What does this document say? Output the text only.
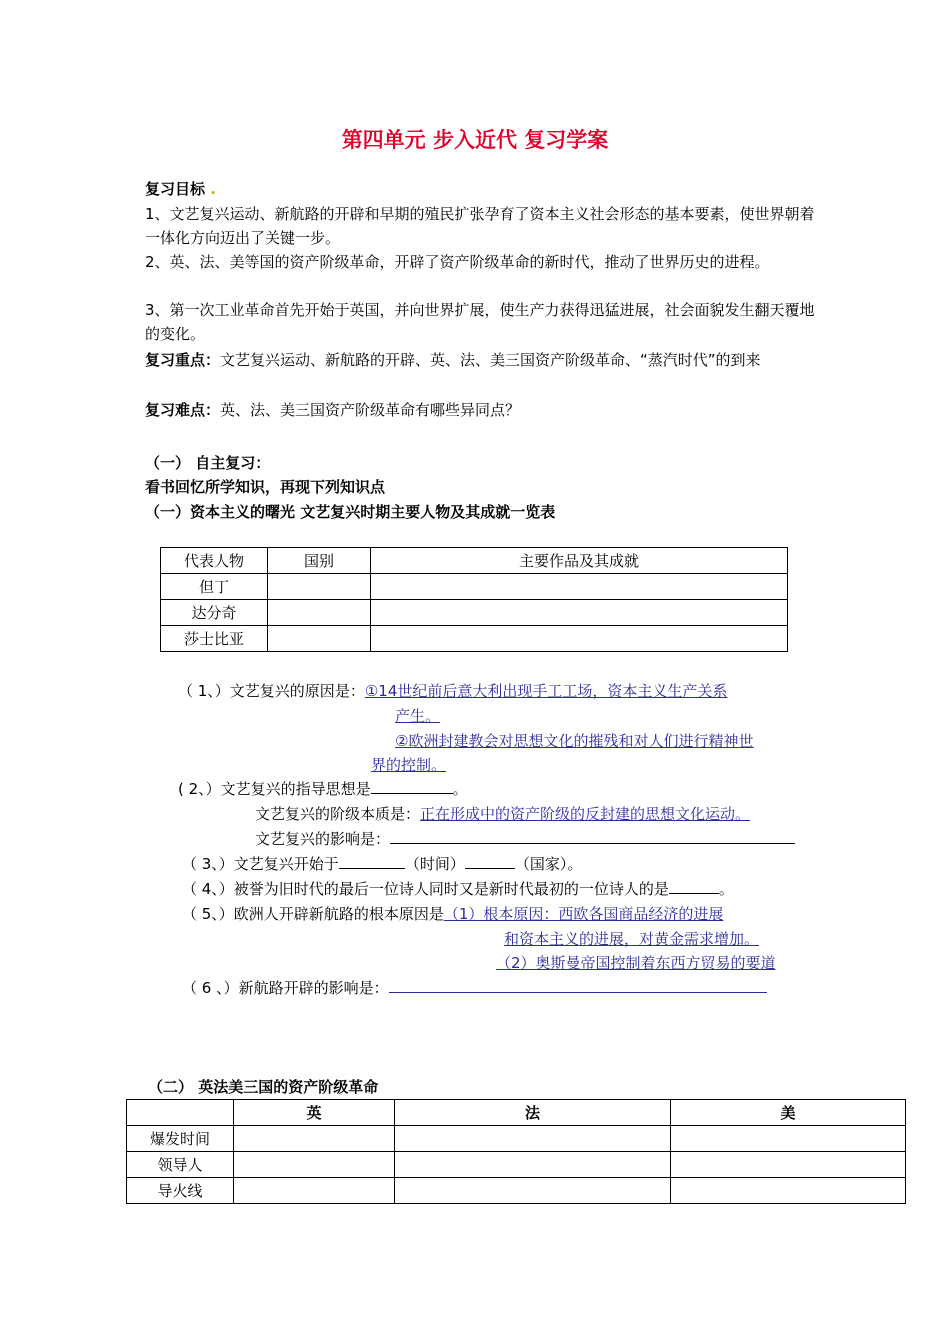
第四单元 步入近代 复习学案
复习目标 .
1、文艺复兴运动、新航路的开辟和早期的殖民扩张孕育了资本主义社会形态的基本要素，使世界朝着一体化方向迈出了关键一步。
2、英、法、美等国的资产阶级革命，开辟了资产阶级革命的新时代，推动了世界历史的进程。
3、第一次工业革命首先开始于英国，并向世界扩展，使生产力获得迅猛进展，社会面貌发生翻天覆地的变化。
复习重点：文艺复兴运动、新航路的开辟、英、法、美三国资产阶级革命、“蒸汽时代”的到来
复习难点：英、法、美三国资产阶级革命有哪些异同点？
（一） 自主复习：
看书回忆所学知识，再现下列知识点
（一）资本主义的曙光 文艺复兴时期主要人物及其成就一览表
代表人物	国别	主要作品及其成就
但丁		
达分奇		
莎士比亚		
（ 1、）文艺复兴的原因是：①14世纪前后意大利出现手工工场，资本主义生产关系
产生。
②欧洲封建教会对思想文化的摧残和对人们进行精神世
界的控制。
( 2、）文艺复兴的指导思想是	。
文艺复兴的阶级本质是：正在形成中的资产阶级的反封建的思想文化运动。
文艺复兴的影响是：
（ 3、）文艺复兴开始于	（时间）	（国家）。
（ 4、）被誉为旧时代的最后一位诗人同时又是新时代最初的一位诗人的是	。
（ 5、）欧洲人开辟新航路的根本原因是（1）根本原因：西欧各国商品经济的进展
和资本主义的进展，对黄金需求增加。
（2）奥斯曼帝国控制着东西方贸易的要道
（ 6 、）新航路开辟的影响是：
（二） 英法美三国的资产阶级革命
	英	法	美
爆发时间			
领导人			
导火线			
